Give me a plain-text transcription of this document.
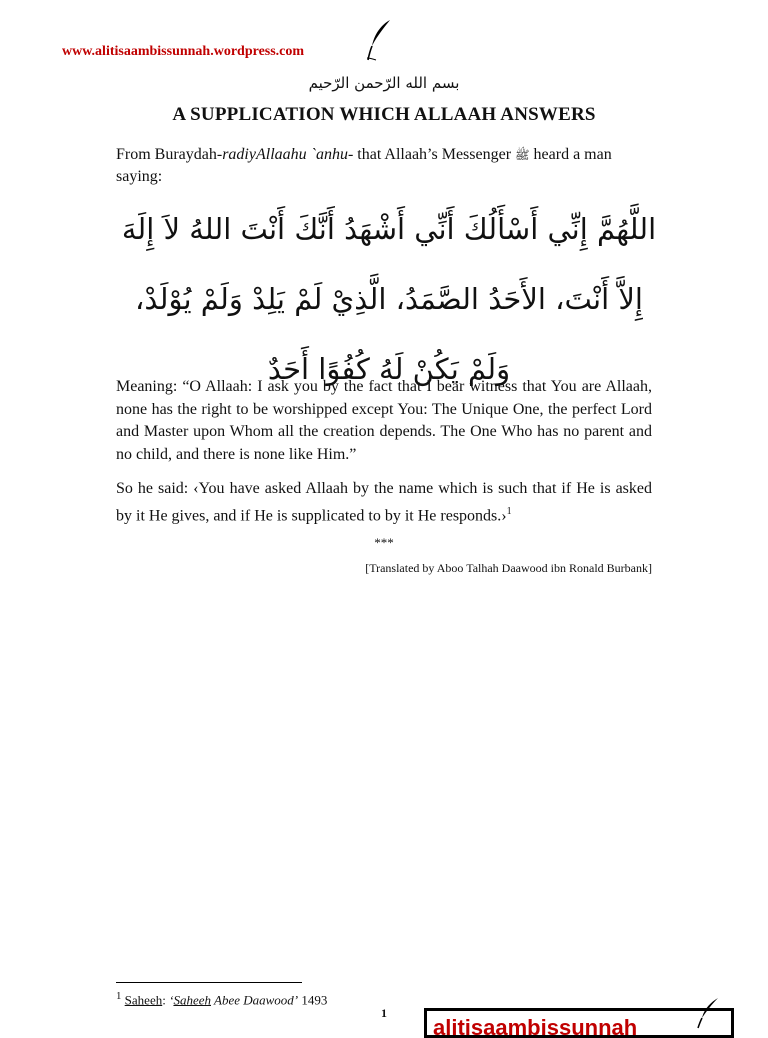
www.alitisaambissunnah.wordpress.com
بسم الله الرّحمن الرّحيم
A SUPPLICATION WHICH ALLAAH ANSWERS

From Buraydah-radiyAllaahu `anhu- that Allaah’s Messenger ﷺ heard a man saying:

اللَّهُمَّ إِنِّي أَسْأَلُكَ أَنِّي أَشْهَدُ أَنَّكَ أَنْتَ اللهُ لاَ إِلَهَ إِلاَّ أَنْتَ، الأَحَدُ الصَّمَدُ، الَّذِيْ لَمْ يَلِدْ وَلَمْ يُوْلَدْ، وَلَمْ يَكُنْ لَهُ كُفُوًا أَحَدٌ

Meaning: “O Allaah: I ask you by the fact that I bear witness that You are Allaah, none has the right to be worshipped except You: The Unique One, the perfect Lord and Master upon Whom all the creation depends. The One Who has no parent and no child, and there is none like Him.”

So he said: ‹You have asked Allaah by the name which is such that if He is asked by it He gives, and if He is supplicated to by it He responds.›$^1$

***
[Translated by Aboo Talhah Daawood ibn Ronald Burbank]
$^1$ Saheeh: ‘Saheeh Abee Daawood’ 1493
1
alitisaambissunnah
